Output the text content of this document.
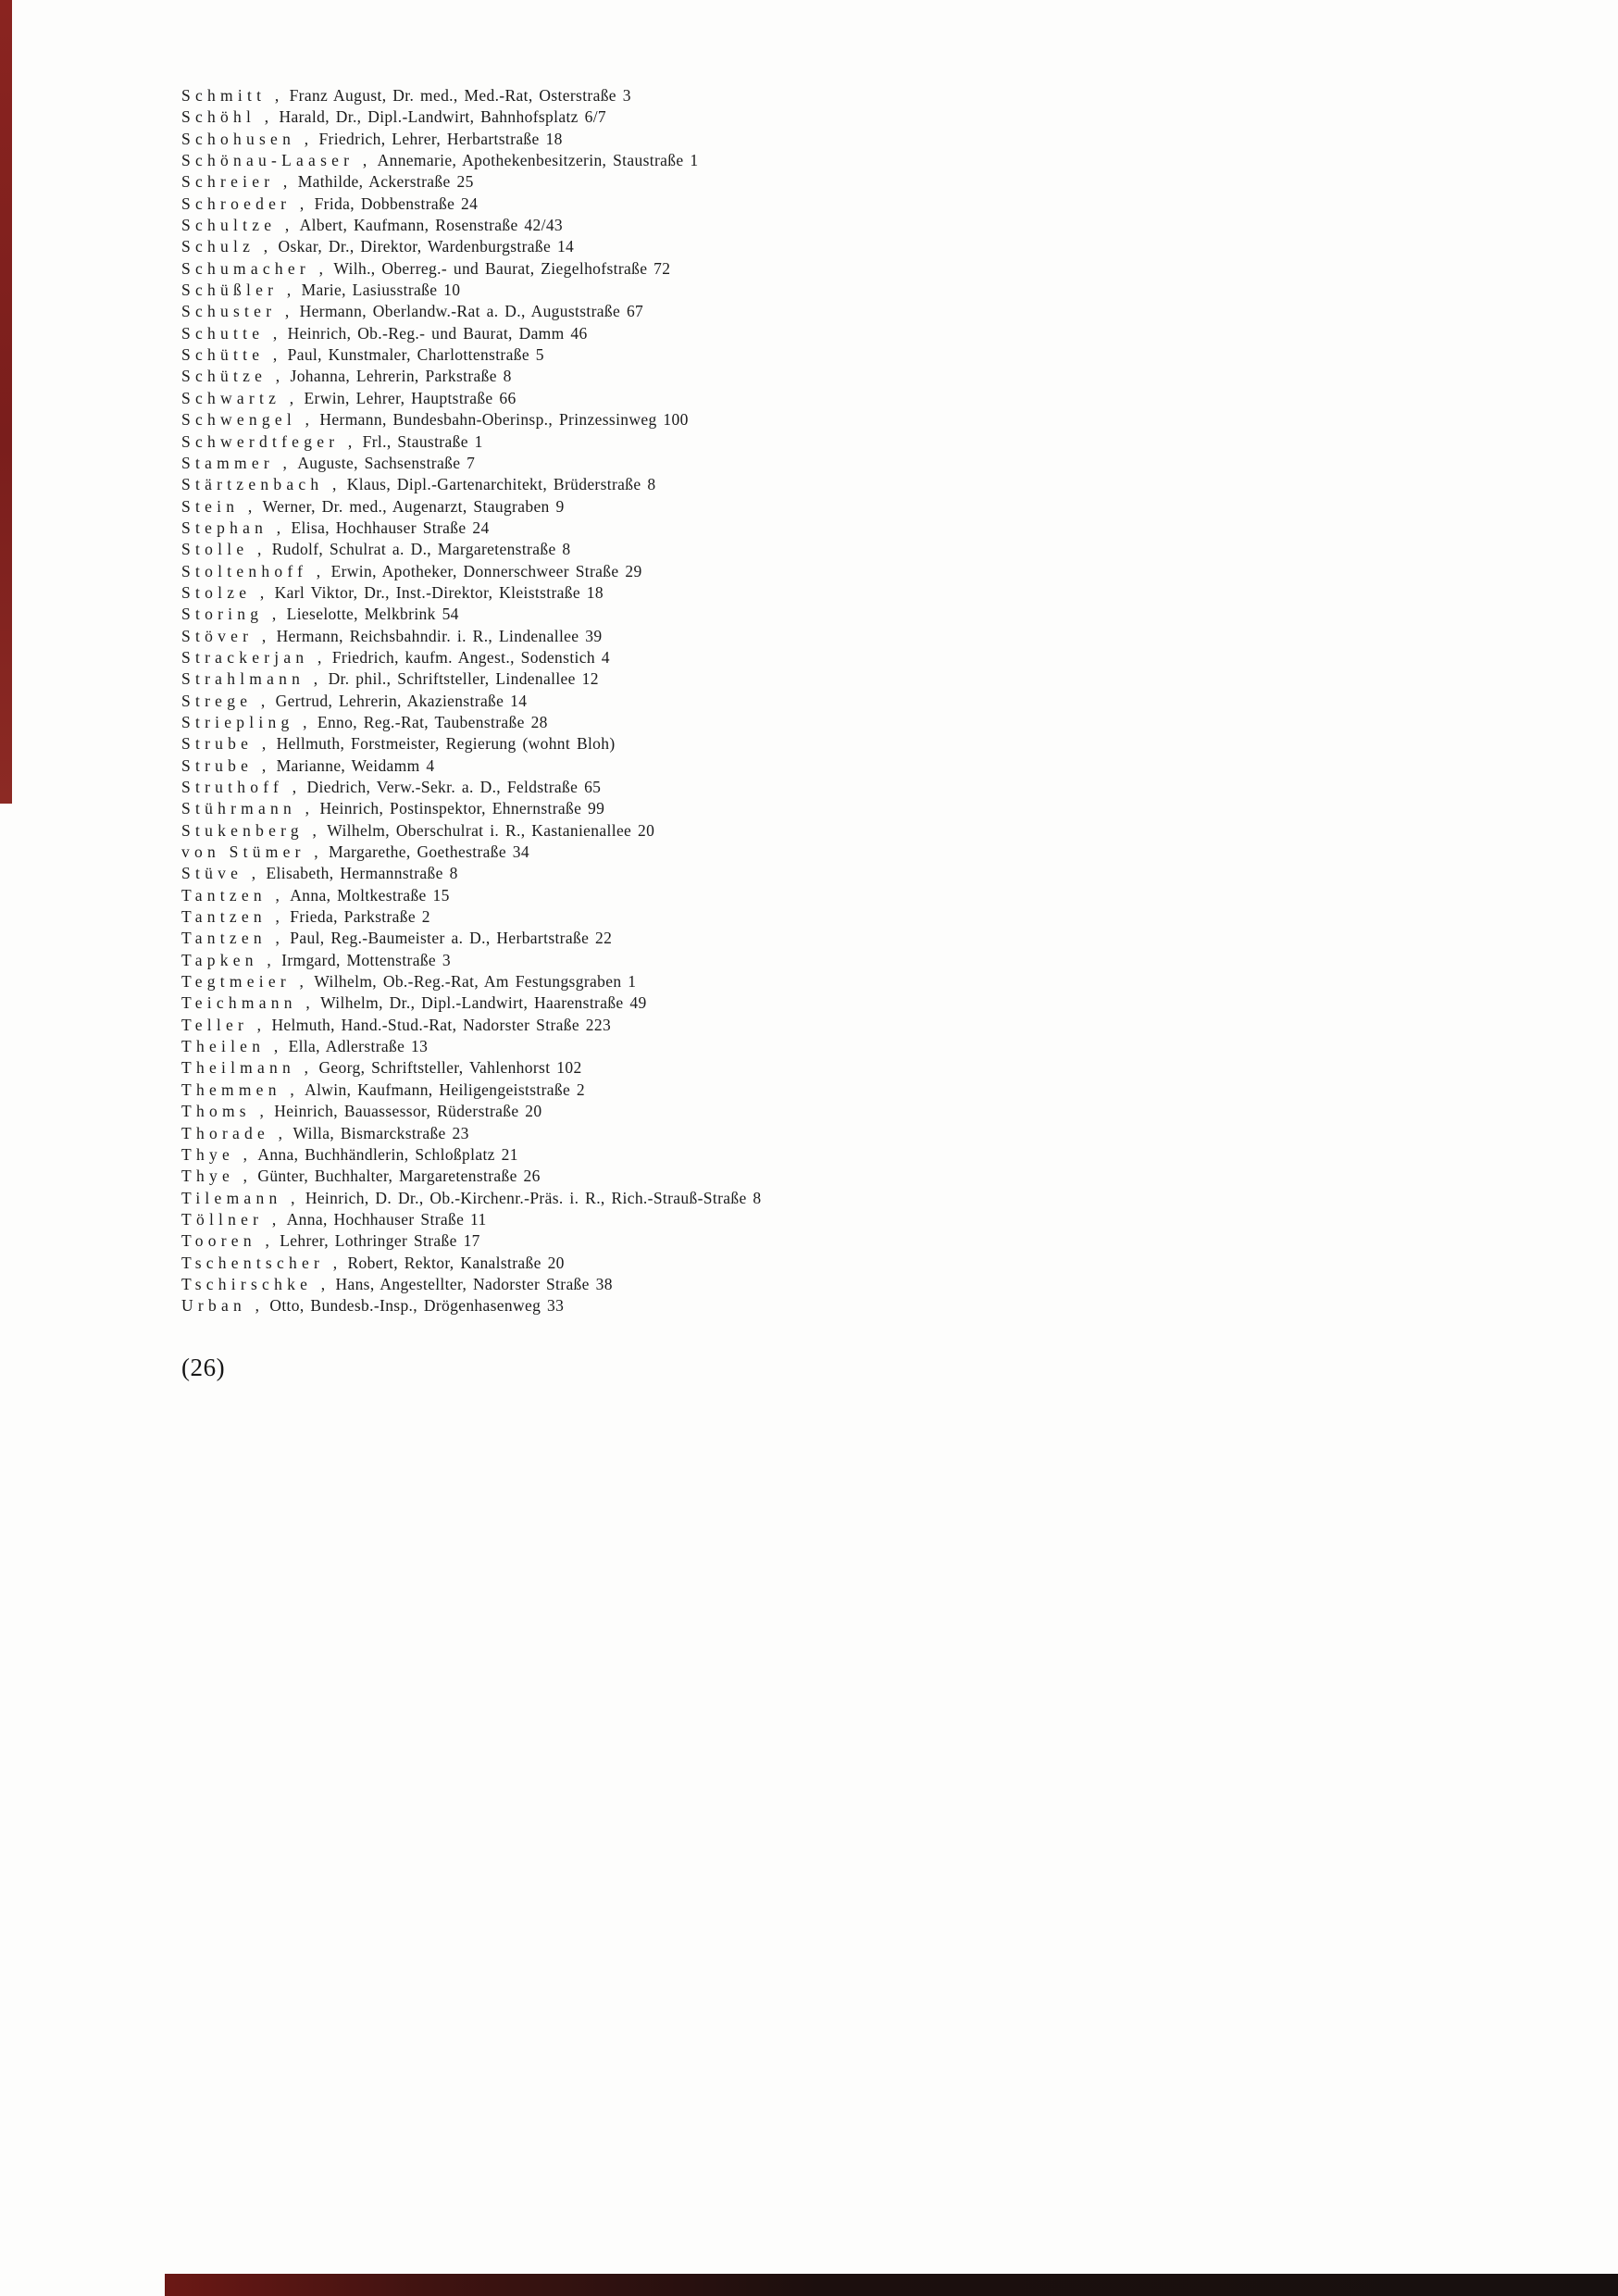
Schmitt , Franz August, Dr. med., Med.-Rat, Osterstraße 3
Schöhl , Harald, Dr., Dipl.-Landwirt, Bahnhofsplatz 6/7
Schohusen , Friedrich, Lehrer, Herbartstraße 18
Schönau-Laaser , Annemarie, Apothekenbesitzerin, Staustraße 1
Schreier , Mathilde, Ackerstraße 25
Schroeder , Frida, Dobbenstraße 24
Schultze , Albert, Kaufmann, Rosenstraße 42/43
Schulz , Oskar, Dr., Direktor, Wardenburgstraße 14
Schumacher , Wilh., Oberreg.- und Baurat, Ziegelhofstraße 72
Schüßler , Marie, Lasiusstraße 10
Schuster , Hermann, Oberlandw.-Rat a. D., Auguststraße 67
Schutte , Heinrich, Ob.-Reg.- und Baurat, Damm 46
Schütte , Paul, Kunstmaler, Charlottenstraße 5
Schütze , Johanna, Lehrerin, Parkstraße 8
Schwartz , Erwin, Lehrer, Hauptstraße 66
Schwengel , Hermann, Bundesbahn-Oberinsp., Prinzessinweg 100
Schwerdtfeger , Frl., Staustraße 1
Stammer , Auguste, Sachsenstraße 7
Stärtzenbach , Klaus, Dipl.-Gartenarchitekt, Brüderstraße 8
Stein , Werner, Dr. med., Augenarzt, Staugraben 9
Stephan , Elisa, Hochhauser Straße 24
Stolle , Rudolf, Schulrat a. D., Margaretenstraße 8
Stoltenhoff , Erwin, Apotheker, Donnerschweer Straße 29
Stolze , Karl Viktor, Dr., Inst.-Direktor, Kleiststraße 18
Storing , Lieselotte, Melkbrink 54
Stöver , Hermann, Reichsbahndir. i. R., Lindenallee 39
Strackerjan , Friedrich, kaufm. Angest., Sodenstich 4
Strahlmann , Dr. phil., Schriftsteller, Lindenallee 12
Strege , Gertrud, Lehrerin, Akazienstraße 14
Striepling , Enno, Reg.-Rat, Taubenstraße 28
Strube , Hellmuth, Forstmeister, Regierung (wohnt Bloh)
Strube , Marianne, Weidamm 4
Struthoff , Diedrich, Verw.-Sekr. a. D., Feldstraße 65
Stührmann , Heinrich, Postinspektor, Ehnernstraße 99
Stukenberg , Wilhelm, Oberschulrat i. R., Kastanienallee 20
von Stümer , Margarethe, Goethestraße 34
Stüve , Elisabeth, Hermannstraße 8
Tantzen , Anna, Moltkestraße 15
Tantzen , Frieda, Parkstraße 2
Tantzen , Paul, Reg.-Baumeister a. D., Herbartstraße 22
Tapken , Irmgard, Mottenstraße 3
Tegtmeier , Wilhelm, Ob.-Reg.-Rat, Am Festungsgraben 1
Teichmann , Wilhelm, Dr., Dipl.-Landwirt, Haarenstraße 49
Teller , Helmuth, Hand.-Stud.-Rat, Nadorster Straße 223
Theilen , Ella, Adlerstraße 13
Theilmann , Georg, Schriftsteller, Vahlenhorst 102
Themmen , Alwin, Kaufmann, Heiligengeiststraße 2
Thoms , Heinrich, Bauassessor, Rüderstraße 20
Thorade , Willa, Bismarckstraße 23
Thye , Anna, Buchhändlerin, Schloßplatz 21
Thye , Günter, Buchhalter, Margaretenstraße 26
Tilemann , Heinrich, D. Dr., Ob.-Kirchenr.-Präs. i. R., Rich.-Strauß-Straße 8
Töllner , Anna, Hochhauser Straße 11
Tooren , Lehrer, Lothringer Straße 17
Tschentscher , Robert, Rektor, Kanalstraße 20
Tschirschke , Hans, Angestellter, Nadorster Straße 38
Urban , Otto, Bundesb.-Insp., Drögenhasenweg 33
(26)
